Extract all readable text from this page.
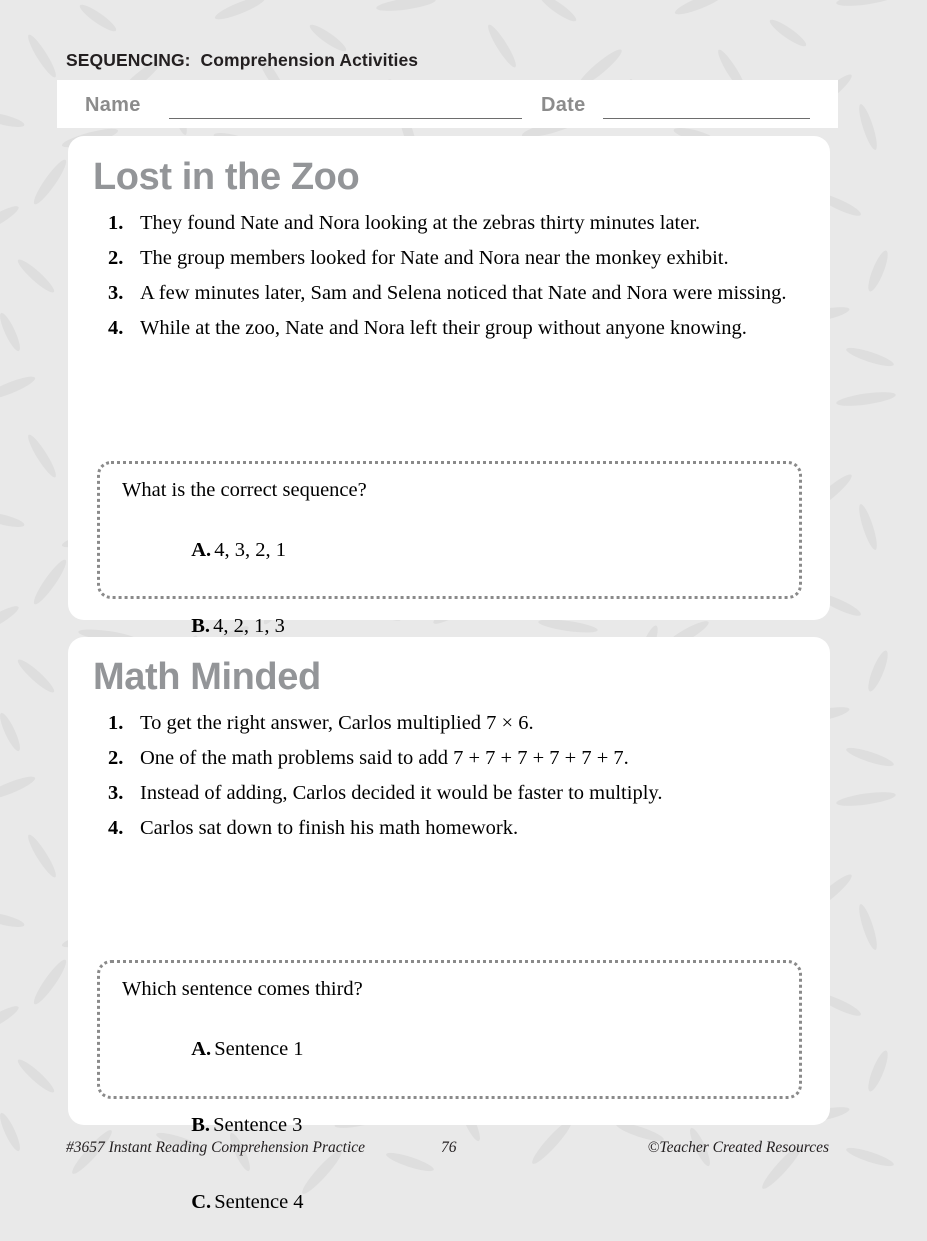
SEQUENCING:  Comprehension Activities
Name	Date
Lost in the Zoo
1. They found Nate and Nora looking at the zebras thirty minutes later.
2. The group members looked for Nate and Nora near the monkey exhibit.
3. A few minutes later, Sam and Selena noticed that Nate and Nora were missing.
4. While at the zoo, Nate and Nora left their group without anyone knowing.
What is the correct sequence?

A. 4, 3, 2, 1

B. 4, 2, 1, 3

Math Minded
1. To get the right answer, Carlos multiplied 7 × 6.
2. One of the math problems said to add 7 + 7 + 7 + 7 + 7 + 7.
3. Instead of adding, Carlos decided it would be faster to multiply.
4. Carlos sat down to finish his math homework.
Which sentence comes third?

A. Sentence 1

B. Sentence 3

C. Sentence 4

#3657 Instant Reading Comprehension Practice	76	©Teacher Created Resources
